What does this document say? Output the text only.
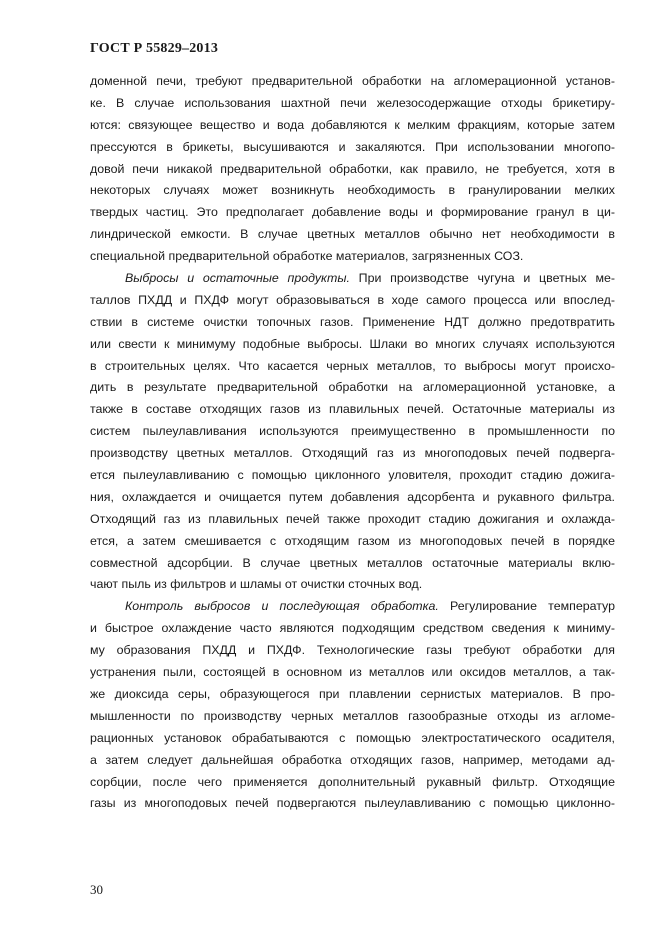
ГОСТ Р 55829–2013
доменной печи, требуют предварительной обработки на агломерационной установ-
ке. В случае использования шахтной печи железосодержащие отходы брикетиру-
ются: связующее вещество и вода добавляются к мелким фракциям, которые затем
прессуются в брикеты, высушиваются и закаляются. При использовании многопо-
довой печи никакой предварительной обработки, как правило, не требуется, хотя в
некоторых случаях может возникнуть необходимость в гранулировании мелких
твердых частиц. Это предполагает добавление воды и формирование гранул в ци-
линдрической емкости. В случае цветных металлов обычно нет необходимости в
специальной предварительной обработке материалов, загрязненных СОЗ.
Выбросы и остаточные продукты. При производстве чугуна и цветных ме-
таллов ПХДД и ПХДФ могут образовываться в ходе самого процесса или впослед-
ствии в системе очистки топочных газов. Применение НДТ должно предотвратить
или свести к минимуму подобные выбросы. Шлаки во многих случаях используются
в строительных целях. Что касается черных металлов, то выбросы могут происхо-
дить в результате предварительной обработки на агломерационной установке, а
также в составе отходящих газов из плавильных печей. Остаточные материалы из
систем пылеулавливания используются преимущественно в промышленности по
производству цветных металлов. Отходящий газ из многоподовых печей подверга-
ется пылеулавливанию с помощью циклонного уловителя, проходит стадию дожига-
ния, охлаждается и очищается путем добавления адсорбента и рукавного фильтра.
Отходящий газ из плавильных печей также проходит стадию дожигания и охлажда-
ется, а затем смешивается с отходящим газом из многоподовых печей в порядке
совместной адсорбции. В случае цветных металлов остаточные материалы вклю-
чают пыль из фильтров и шламы от очистки сточных вод.
Контроль выбросов и последующая обработка. Регулирование температур
и быстрое охлаждение часто являются подходящим средством сведения к миниму-
му образования ПХДД и ПХДФ. Технологические газы требуют обработки для
устранения пыли, состоящей в основном из металлов или оксидов металлов, а так-
же диоксида серы, образующегося при плавлении сернистых материалов. В про-
мышленности по производству черных металлов газообразные отходы из агломе-
рационных установок обрабатываются с помощью электростатического осадителя,
а затем следует дальнейшая обработка отходящих газов, например, методами ад-
сорбции, после чего применяется дополнительный рукавный фильтр. Отходящие
газы из многоподовых печей подвергаются пылеулавливанию с помощью циклонно-
30
